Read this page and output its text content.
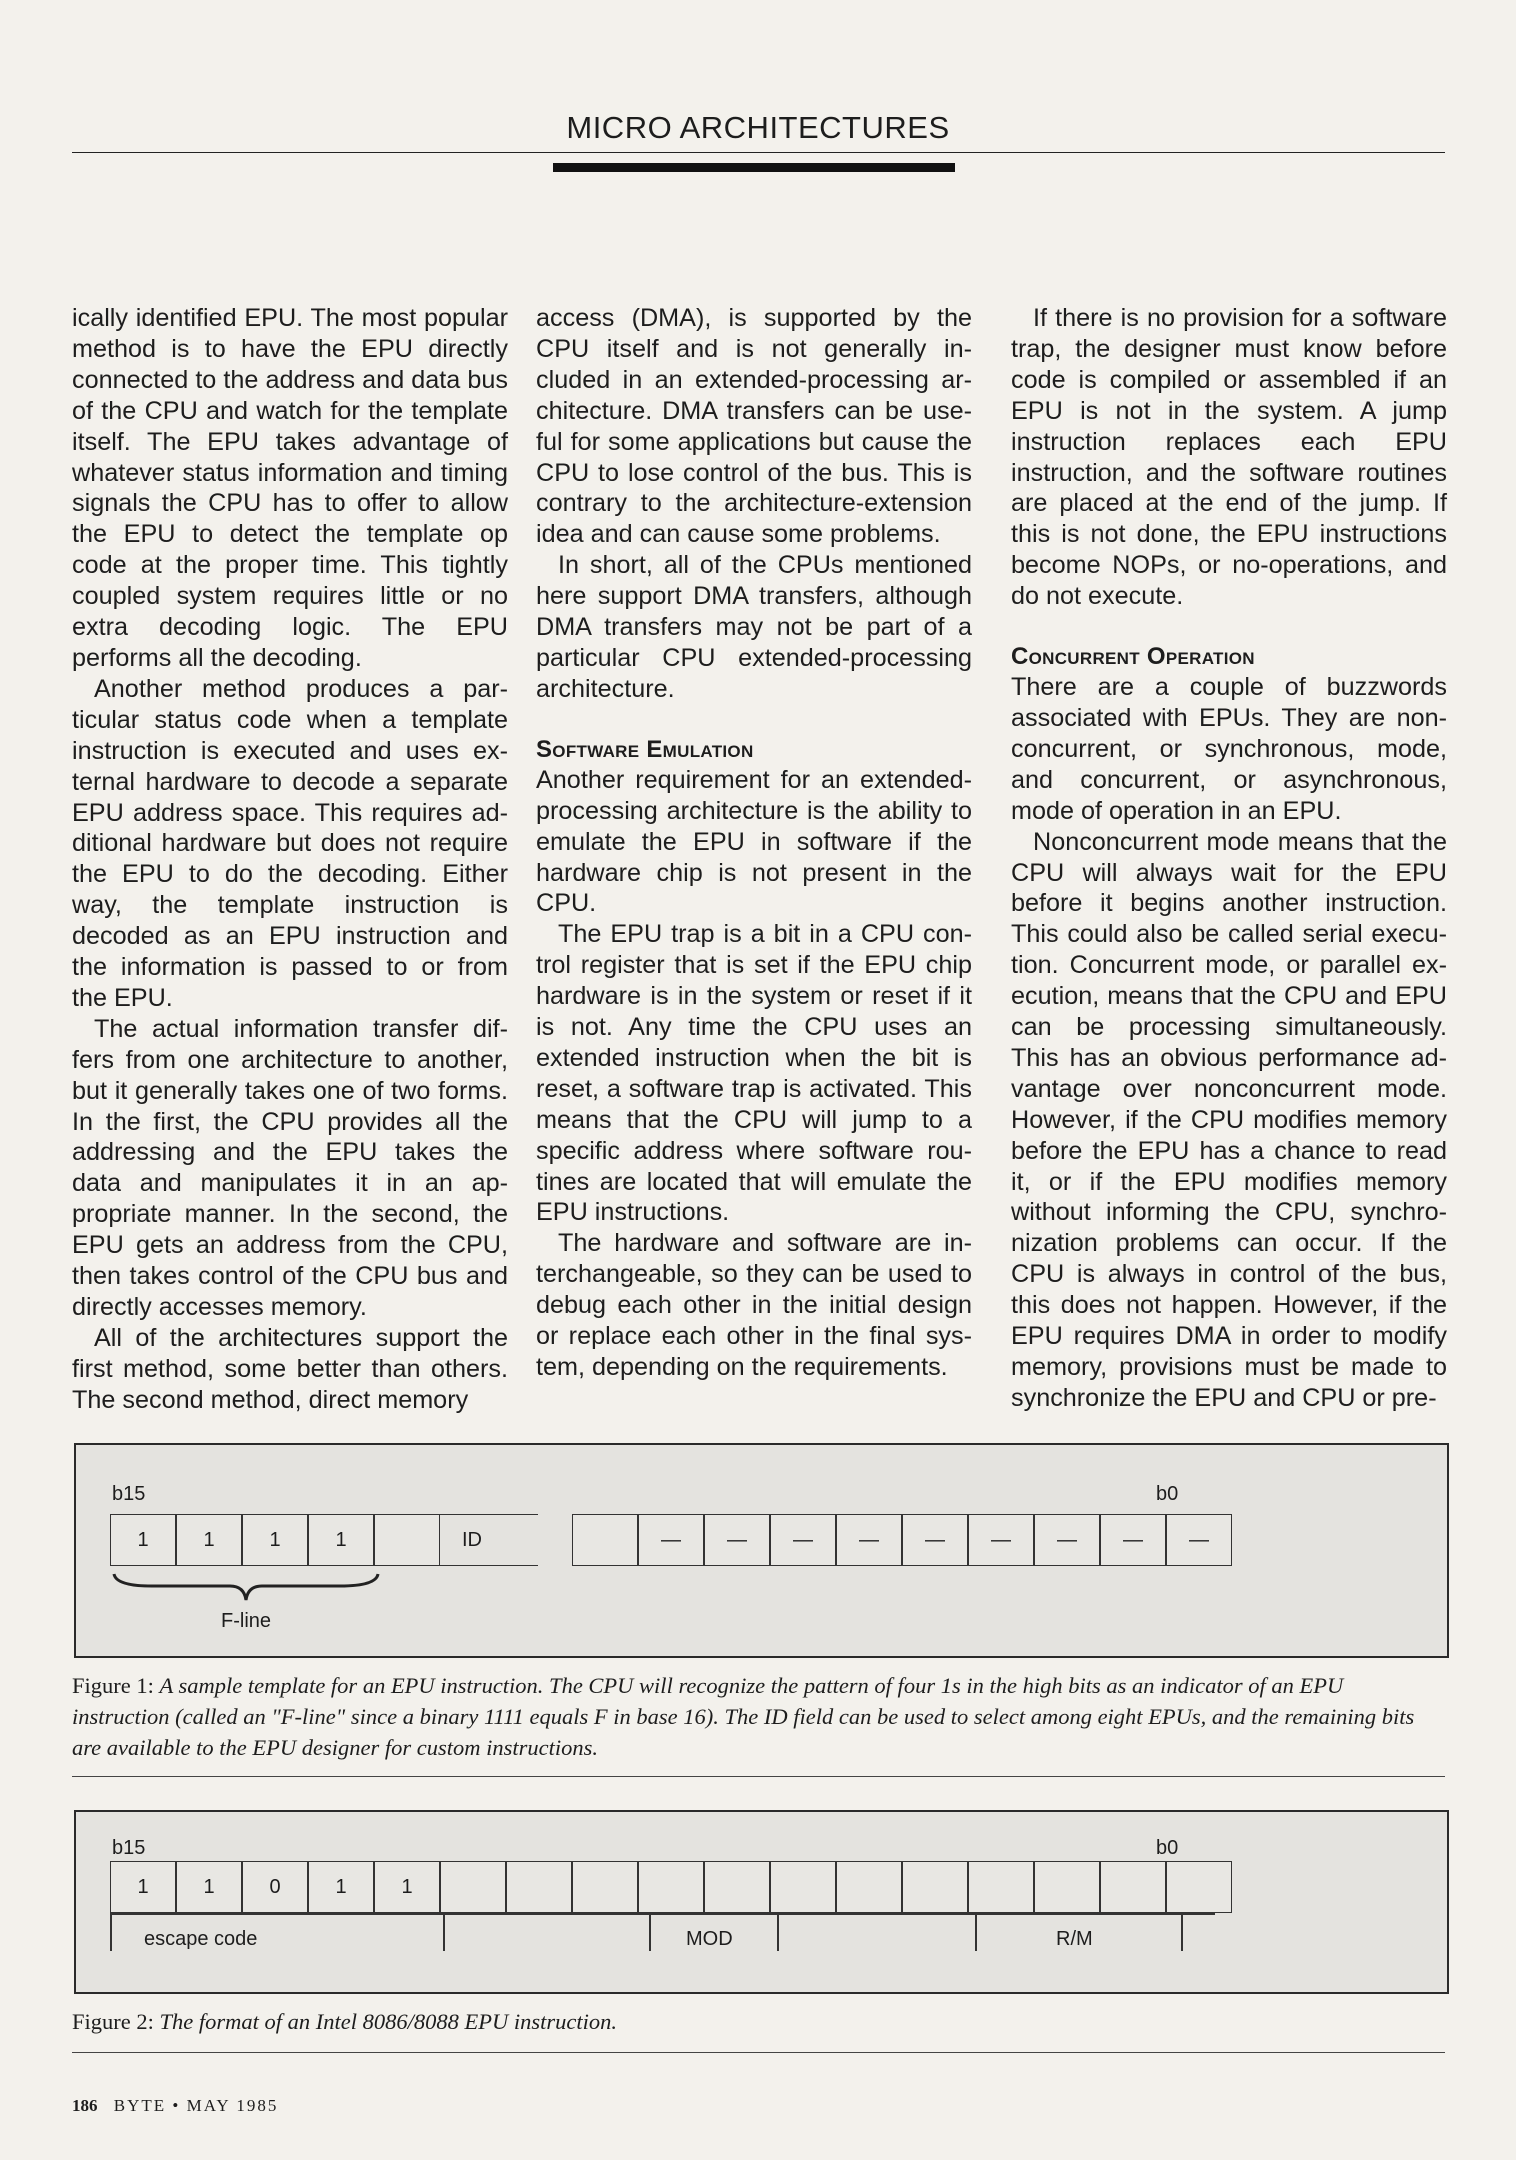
MICRO ARCHITECTURES

ically identified EPU. The most popular method is to have the EPU directly connected to the address and data bus of the CPU and watch for the template itself. The EPU takes advantage of whatever status information and timing signals the CPU has to offer to allow the EPU to detect the template op code at the proper time. This tightly coupled system requires little or no extra decoding logic. The EPU performs all the decoding.

Another method produces a particular status code when a template instruction is executed and uses external hardware to decode a separate EPU address space. This requires additional hardware but does not require the EPU to do the decoding. Either way, the template instruction is decoded as an EPU instruction and the information is passed to or from the EPU.

The actual information transfer differs from one architecture to another, but it generally takes one of two forms. In the first, the CPU provides all the addressing and the EPU takes the data and manipulates it in an appropriate manner. In the second, the EPU gets an address from the CPU, then takes control of the CPU bus and directly accesses memory.

All of the architectures support the first method, some better than others. The second method, direct memory

access (DMA), is supported by the CPU itself and is not generally included in an extended-processing architecture. DMA transfers can be useful for some applications but cause the CPU to lose control of the bus. This is contrary to the architecture-extension idea and can cause some problems.

In short, all of the CPUs mentioned here support DMA transfers, although DMA transfers may not be part of a particular CPU extended-processing architecture.

Software Emulation

Another requirement for an extended-processing architecture is the ability to emulate the EPU in software if the hardware chip is not present in the CPU.

The EPU trap is a bit in a CPU control register that is set if the EPU chip hardware is in the system or reset if it is not. Any time the CPU uses an extended instruction when the bit is reset, a software trap is activated. This means that the CPU will jump to a specific address where software routines are located that will emulate the EPU instructions.

The hardware and software are interchangeable, so they can be used to debug each other in the initial design or replace each other in the final system, depending on the requirements.

If there is no provision for a software trap, the designer must know before code is compiled or assembled if an EPU is not in the system. A jump instruction replaces each EPU instruction, and the software routines are placed at the end of the jump. If this is not done, the EPU instructions become NOPs, or no-operations, and do not execute.

Concurrent Operation

There are a couple of buzzwords associated with EPUs. They are nonconcurrent, or synchronous, mode, and concurrent, or asynchronous, mode of operation in an EPU.

Nonconcurrent mode means that the CPU will always wait for the EPU before it begins another instruction. This could also be called serial execution. Concurrent mode, or parallel execution, means that the CPU and EPU can be processing simultaneously. This has an obvious performance advantage over nonconcurrent mode. However, if the CPU modifies memory before the EPU has a chance to read it, or if the EPU modifies memory without informing the CPU, synchronization problems can occur. If the CPU is always in control of the bus, this does not happen. However, if the EPU requires DMA in order to modify memory, provisions must be made to synchronize the EPU and CPU or pre-

b15	b0
1	1	1	1	—	—	—	—	—	—	—	—	—
ID
F-line
Figure 1: A sample template for an EPU instruction. The CPU will recognize the pattern of four 1s in the high bits as an indicator of an EPU instruction (called an "F-line" since a binary 1111 equals F in base 16). The ID field can be used to select among eight EPUs, and the remaining bits are available to the EPU designer for custom instructions.
b15	b0
1	1	0	1	1
escape code	MOD	R/M
Figure 2: The format of an Intel 8086/8088 EPU instruction.
186 BYTE • MAY 1985
